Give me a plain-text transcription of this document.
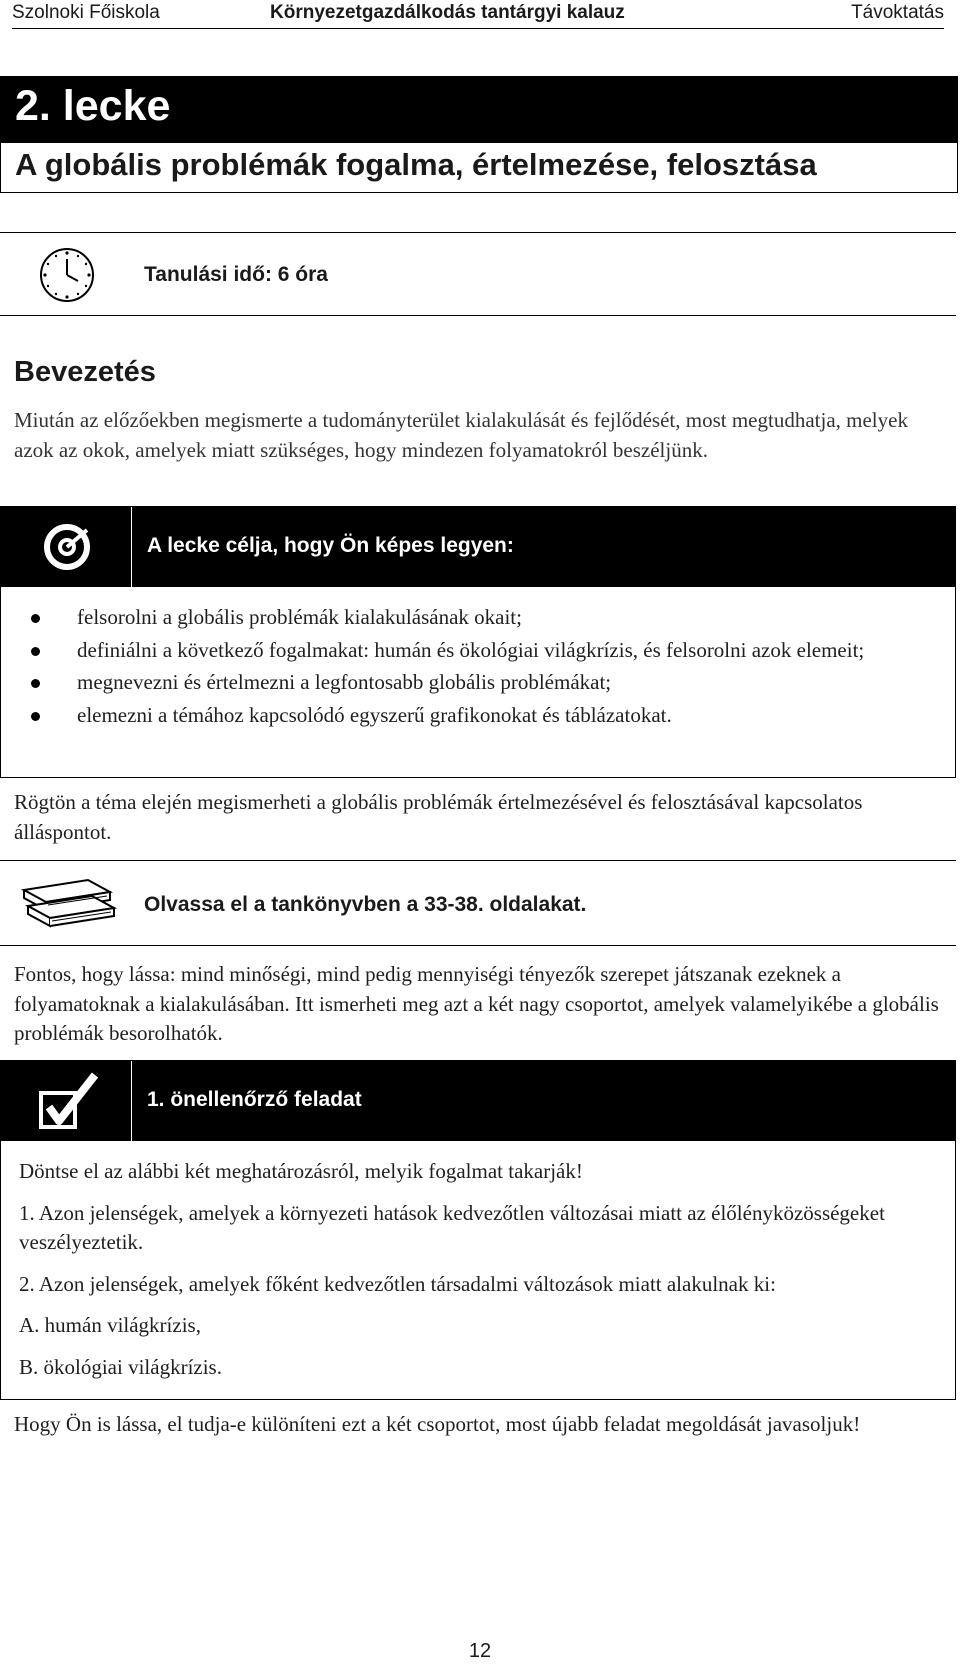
Szolnoki Főiskola	Környezetgazdálkodás tantárgyi kalauz	Távoktatás
2. lecke
A globális problémák fogalma, értelmezése, felosztása
Tanulási idő: 6 óra
Bevezetés
Miután az előzőekben megismerte a tudományterület kialakulását és fejlődését, most megtudhatja, melyek azok az okok, amelyek miatt szükséges, hogy mindezen folyamatokról beszéljünk.
A lecke célja, hogy Ön képes legyen:
felsorolni a globális problémák kialakulásának okait;
definiálni a következő fogalmakat: humán és ökológiai világkrízis, és felsorolni azok elemeit;
megnevezni és értelmezni a legfontosabb globális problémákat;
elemezni a témához kapcsolódó egyszerű grafikonokat és táblázatokat.
Rögtön a téma elején megismerheti a globális problémák értelmezésével és felosztásával kapcsolatos álláspontot.
Olvassa el a tankönyvben a 33-38. oldalakat.
Fontos, hogy lássa: mind minőségi, mind pedig mennyiségi tényezők szerepet játszanak ezeknek a folyamatoknak a kialakulásában. Itt ismerheti meg azt a két nagy csoportot, amelyek valamelyikébe a globális problémák besorolhatók.
1. önellenőrző feladat
Döntse el az alábbi két meghatározásról, melyik fogalmat takarják!
1. Azon jelenségek, amelyek a környezeti hatások kedvezőtlen változásai miatt az élőlényközösségeket veszélyeztetik.
2. Azon jelenségek, amelyek főként kedvezőtlen társadalmi változások miatt alakulnak ki:
A. humán világkrízis,
B. ökológiai világkrízis.
Hogy Ön is lássa, el tudja-e különíteni ezt a két csoportot, most újabb feladat megoldását javasoljuk!
12
